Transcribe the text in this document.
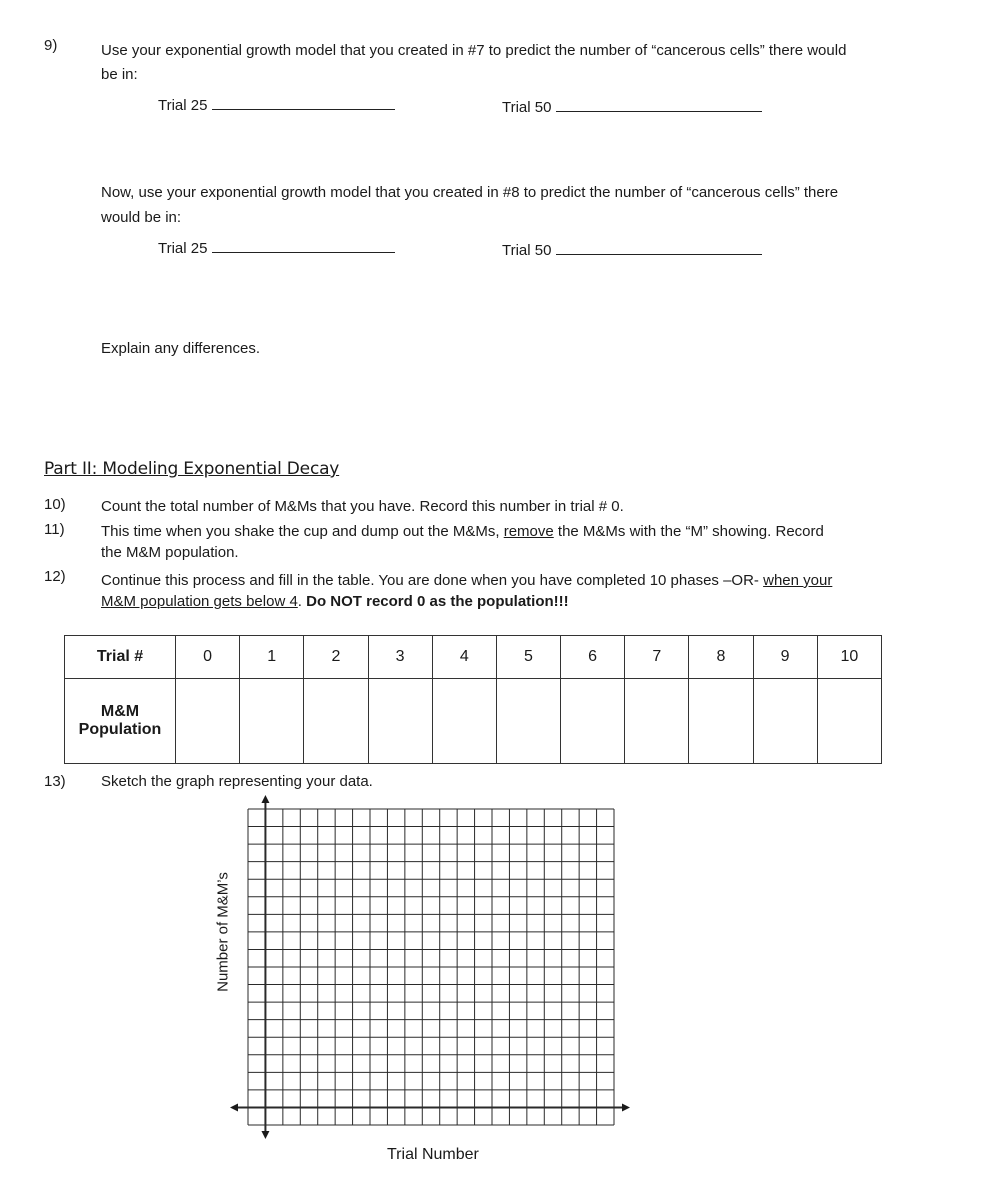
9)	Use your exponential growth model that you created in #7 to predict the number of “cancerous cells” there would
be in:
Trial 25	Trial 50
Now, use your exponential growth model that you created in #8 to predict the number of “cancerous cells” there
would be in:
Trial 25	Trial 50
Explain any differences.
Part II: Modeling Exponential Decay
10) Count the total number of M&Ms that you have. Record this number in trial # 0.
11) This time when you shake the cup and dump out the M&Ms, remove the M&Ms with the “M” showing. Record
the M&M population.
12) Continue this process and fill in the table. You are done when you have completed 10 phases –OR- when your
M&M population gets below 4. Do NOT record 0 as the population!!!
Trial #	0	1	2	3	4	5	6	7	8	9	10

M&M
Population											

13) Sketch the graph representing your data.
Number of M&M’s
Trial Number
